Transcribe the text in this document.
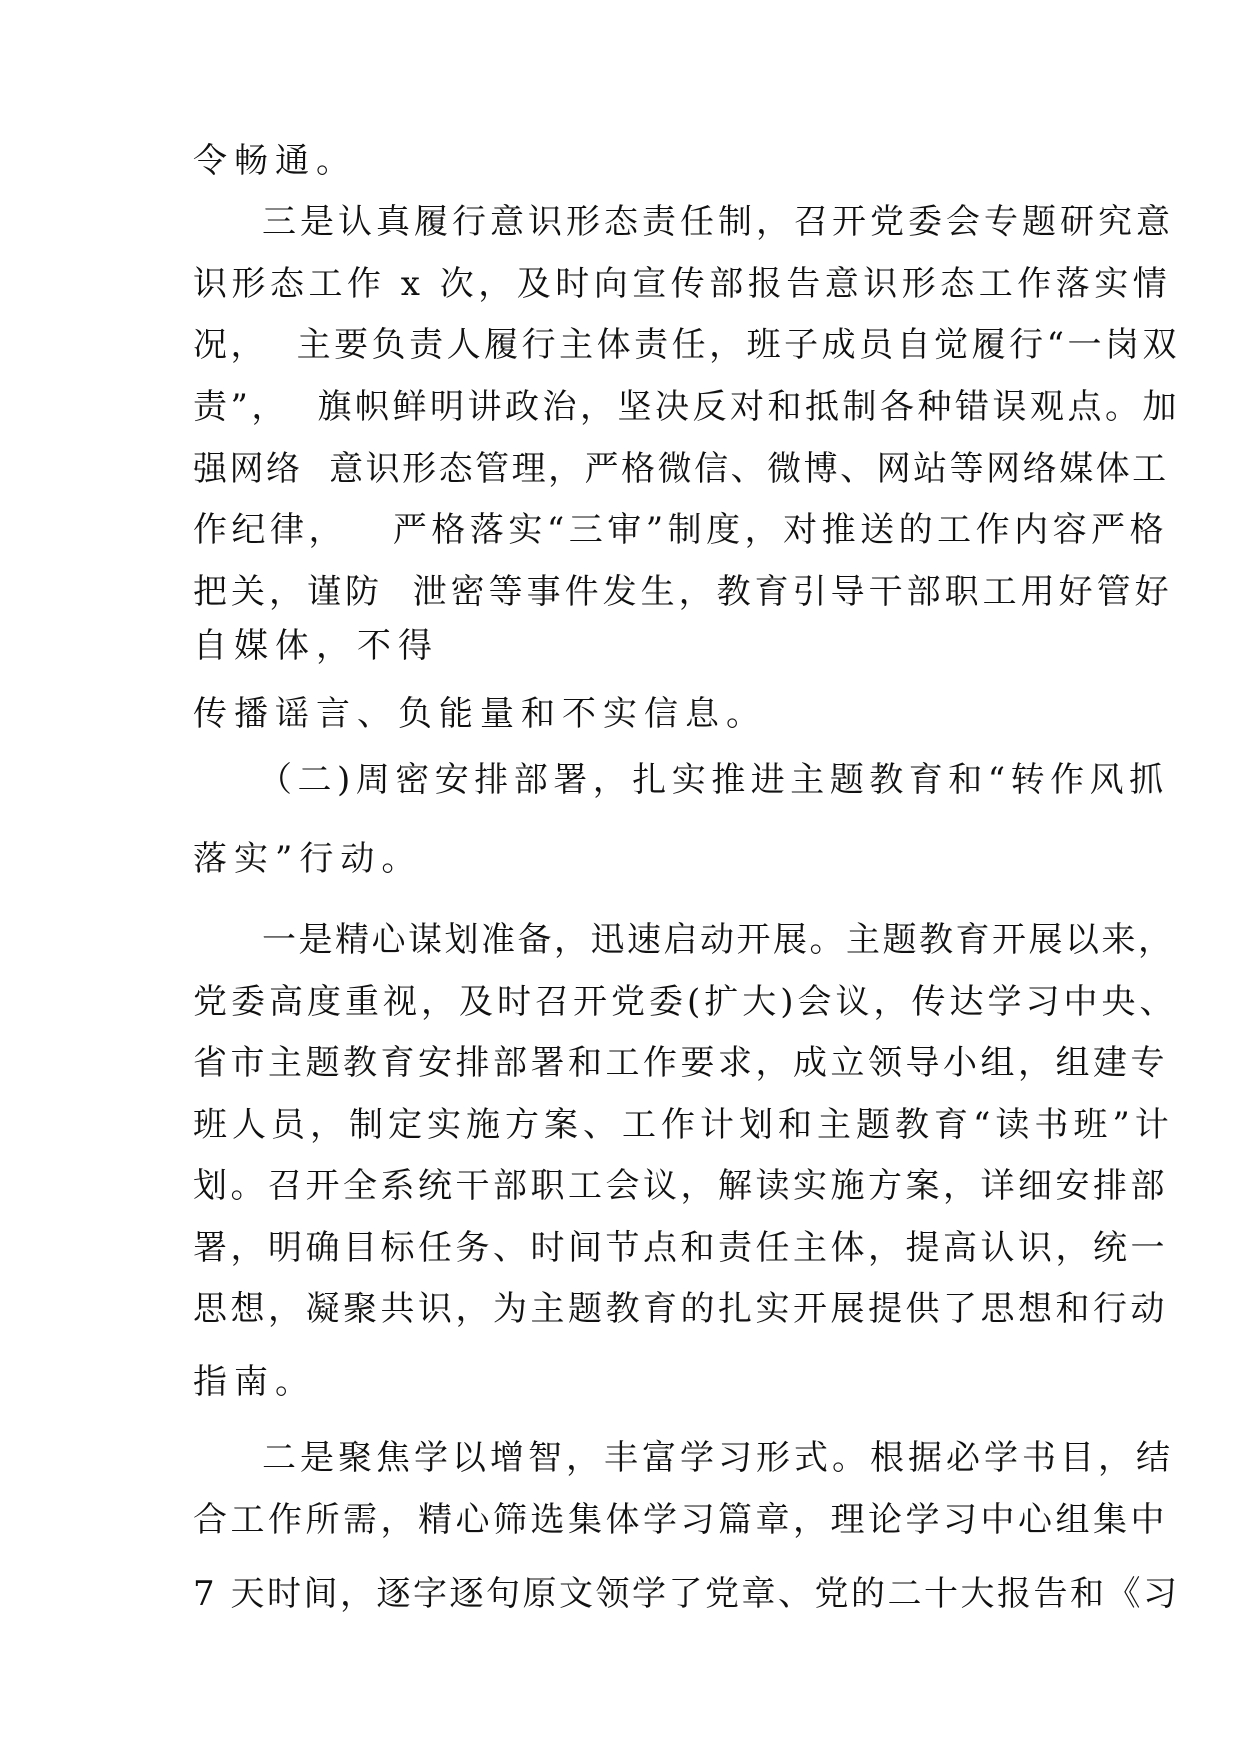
令畅通。
三是认真履行意识形态责任制，召开党委会专题研究意
识形态工作 x 次，及时向宣传部报告意识形态工作落实情
况，  主要负责人履行主体责任，班子成员自觉履行“一岗双
责”，  旗帜鲜明讲政治，坚决反对和抵制各种错误观点。加
强网络  意识形态管理，严格微信、微博、网站等网络媒体工
作纪律，   严格落实“三审”制度，对推送的工作内容严格
把关，谨防  泄密等事件发生，教育引导干部职工用好管好
自媒体，不得
传播谣言、负能量和不实信息。
（二)周密安排部署，扎实推进主题教育和“转作风抓
落实”行动。
一是精心谋划准备，迅速启动开展。主题教育开展以来，
党委高度重视，及时召开党委(扩大)会议，传达学习中央、
省市主题教育安排部署和工作要求，成立领导小组，组建专
班人员，制定实施方案、工作计划和主题教育“读书班”计
划。召开全系统干部职工会议，解读实施方案，详细安排部
署，明确目标任务、时间节点和责任主体，提高认识，统一
思想，凝聚共识，为主题教育的扎实开展提供了思想和行动
指南。
二是聚焦学以增智，丰富学习形式。根据必学书目，结
合工作所需，精心筛选集体学习篇章，理论学习中心组集中
7 天时间，逐字逐句原文领学了党章、党的二十大报告和《习
